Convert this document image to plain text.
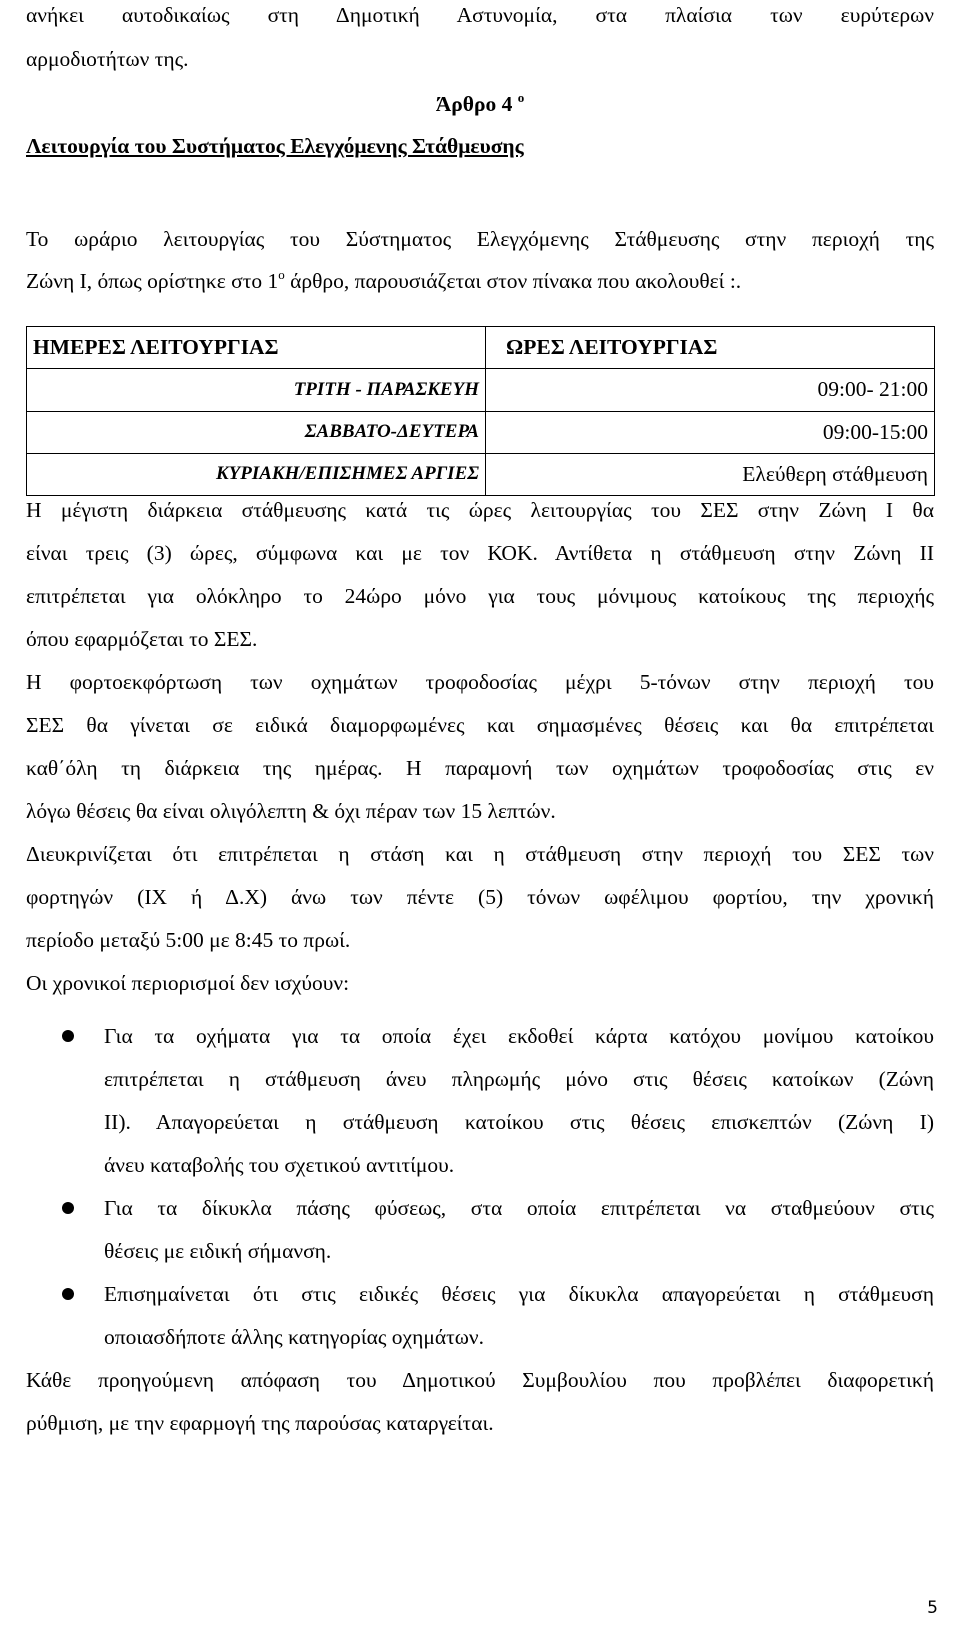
ανήκει αυτοδικαίως στη Δημοτική Αστυνομία, στα πλαίσια των ευρύτερων
αρμοδιοτήτων της.
Άρθρο 4 $^o$
Λειτουργία του Συστήματος Ελεγχόμενης Στάθμευσης
Το ωράριο λειτουργίας του Σύστηματος Ελεγχόμενης Στάθμευσης στην περιοχή της
Ζώνη Ι, όπως ορίστηκε στο $1^o$ άρθρο, παρουσιάζεται στον πίνακα που ακολουθεί :.
ΗΜΕΡΕΣ ΛΕΙΤΟΥΡΓΙΑΣ	ΩΡΕΣ ΛΕΙΤΟΥΡΓΙΑΣ
ΤΡΙΤΗ - ΠΑΡΑΣΚΕΥΗ	09:00- 21:00
ΣΑΒΒΑΤΟ-ΔΕΥΤΕΡΑ	09:00-15:00
ΚΥΡΙΑΚΗ/ΕΠΙΣΗΜΕΣ ΑΡΓΙΕΣ	Ελεύθερη στάθμευση
Η μέγιστη διάρκεια στάθμευσης κατά τις ώρες λειτουργίας του ΣΕΣ στην Ζώνη Ι θα
είναι τρεις (3) ώρες, σύμφωνα και με τον ΚΟΚ. Αντίθετα η στάθμευση στην Ζώνη ΙΙ
επιτρέπεται για ολόκληρο το 24ώρο μόνο για τους μόνιμους κατοίκους της περιοχής
όπου εφαρμόζεται το ΣΕΣ.
Η φορτοεκφόρτωση των οχημάτων τροφοδοσίας μέχρι 5-τόνων στην περιοχή του
ΣΕΣ θα γίνεται σε ειδικά διαμορφωμένες και σημασμένες θέσεις και θα επιτρέπεται
καθ΄όλη τη διάρκεια της ημέρας. Η παραμονή των οχημάτων τροφοδοσίας στις εν
λόγω θέσεις θα είναι ολιγόλεπτη & όχι πέραν των 15 λεπτών.
Διευκρινίζεται ότι επιτρέπεται η στάση και η στάθμευση στην περιοχή του ΣΕΣ των
φορτηγών (ΙΧ ή Δ.Χ) άνω των πέντε (5) τόνων ωφέλιμου φορτίου, την χρονική
περίοδο μεταξύ 5:00 με 8:45 το πρωί.
Οι χρονικοί περιορισμοί δεν ισχύουν:
Για τα οχήματα για τα οποία έχει εκδοθεί κάρτα κατόχου μονίμου κατοίκου
επιτρέπεται η στάθμευση άνευ πληρωμής μόνο στις θέσεις κατοίκων (Ζώνη
ΙΙ). Απαγορεύεται η στάθμευση κατοίκου στις θέσεις επισκεπτών (Ζώνη Ι)
άνευ καταβολής του σχετικού αντιτίμου.
Για τα δίκυκλα πάσης φύσεως, στα οποία επιτρέπεται να σταθμεύουν στις
θέσεις με ειδική σήμανση.
Επισημαίνεται ότι στις ειδικές θέσεις για δίκυκλα απαγορεύεται η στάθμευση
οποιασδήποτε άλλης κατηγορίας οχημάτων.
Κάθε προηγούμενη απόφαση του Δημοτικού Συμβουλίου που προβλέπει διαφορετική
ρύθμιση, με την εφαρμογή της παρούσας καταργείται.
5
